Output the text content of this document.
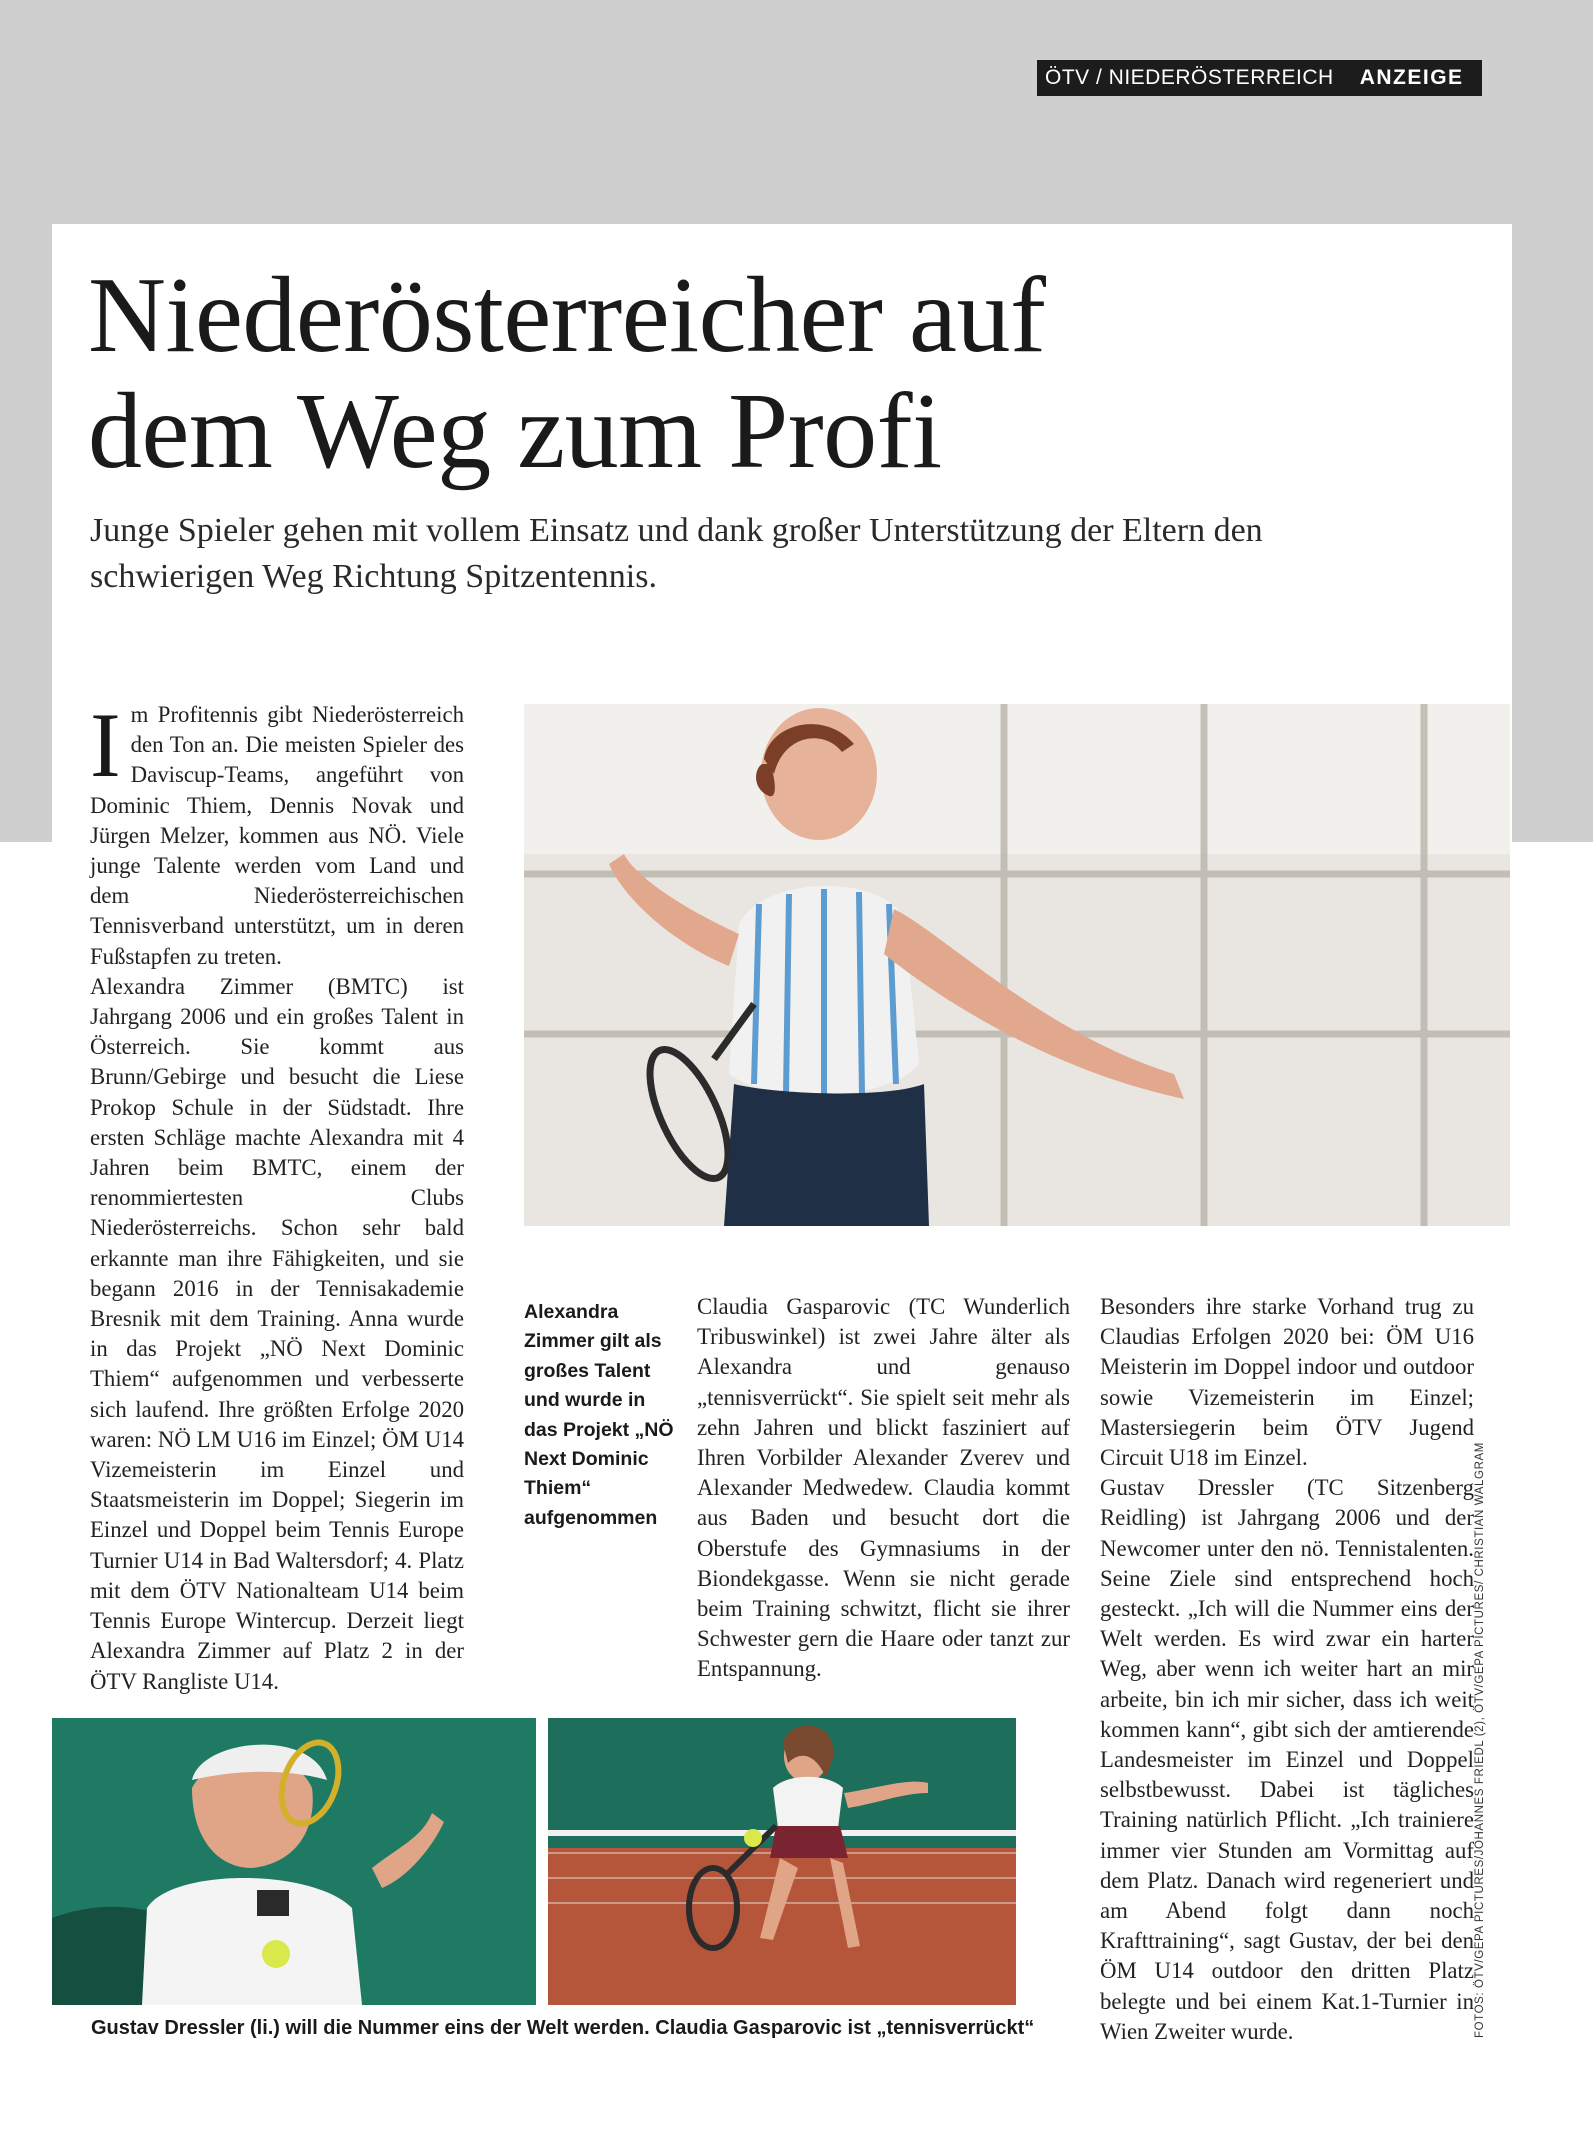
ÖTV / NIEDERÖSTERREICH ANZEIGE
Niederösterreicher auf
dem Weg zum Profi

Junge Spieler gehen mit vollem Einsatz und dank großer Unterstützung der Eltern den
schwierigen Weg Richtung Spitzentennis.

Im Profitennis gibt Niederösterreich den Ton an. Die meisten Spieler des Daviscup-Teams, angeführt von Dominic Thiem, Dennis Novak und Jürgen Melzer, kommen aus NÖ. Viele junge Talente werden vom Land und dem Niederösterreichischen Tennisverband unterstützt, um in deren Fußstapfen zu treten.

Alexandra Zimmer (BMTC) ist Jahrgang 2006 und ein großes Talent in Österreich. Sie kommt aus Brunn/Gebirge und besucht die Liese Prokop Schule in der Südstadt. Ihre ersten Schläge machte Alexandra mit 4 Jahren beim BMTC, einem der renommiertesten Clubs Niederösterreichs. Schon sehr bald erkannte man ihre Fähigkeiten, und sie begann 2016 in der Tennisakademie Bresnik mit dem Training. Anna wurde in das Projekt „NÖ Next Dominic Thiem“ aufgenommen und verbesserte sich laufend. Ihre größten Erfolge 2020 waren: NÖ LM U16 im Einzel; ÖM U14 Vizemeisterin im Einzel und Staatsmeisterin im Doppel; Siegerin im Einzel und Doppel beim Tennis Europe Turnier U14 in Bad Waltersdorf; 4. Platz mit dem ÖTV Nationalteam U14 beim Tennis Europe Wintercup. Derzeit liegt Alexandra Zimmer auf Platz 2 in der ÖTV Rangliste U14.

Alexandra Zimmer gilt als großes Talent und wurde in das Projekt „NÖ Next Dominic Thiem“ aufgenommen

Claudia Gasparovic (TC Wunderlich Tribuswinkel) ist zwei Jahre älter als Alexandra und genauso „tennisverrückt“. Sie spielt seit mehr als zehn Jahren und blickt fasziniert auf Ihren Vorbilder Alexander Zverev und Alexander Medwedew. Claudia kommt aus Baden und besucht dort die Oberstufe des Gymnasiums in der Biondekgasse. Wenn sie nicht gerade beim Training schwitzt, flicht sie ihrer Schwester gern die Haare oder tanzt zur Entspannung.

Besonders ihre starke Vorhand trug zu Claudias Erfolgen 2020 bei: ÖM U16 Meisterin im Doppel indoor und outdoor sowie Vizemeisterin im Einzel; Mastersiegerin beim ÖTV Jugend Circuit U18 im Einzel.

Gustav Dressler (TC Sitzenberg Reidling) ist Jahrgang 2006 und der Newcomer unter den nö. Tennistalenten. Seine Ziele sind entsprechend hoch gesteckt. „Ich will die Nummer eins der Welt werden. Es wird zwar ein harter Weg, aber wenn ich weiter hart an mir arbeite, bin ich mir sicher, dass ich weit kommen kann“, gibt sich der amtierende Landesmeister im Einzel und Doppel selbstbewusst. Dabei ist tägliches Training natürlich Pflicht. „Ich trainiere immer vier Stunden am Vormittag auf dem Platz. Danach wird regeneriert und am Abend folgt dann noch Krafttraining“, sagt Gustav, der bei den ÖM U14 outdoor den dritten Platz belegte und bei einem Kat.1-Turnier in Wien Zweiter wurde.

Gustav Dressler (li.) will die Nummer eins der Welt werden. Claudia Gasparovic ist „tennisverrückt“	FOTOS: ÖTV/GEPA PICTURES/JOHANNES FRIEDL (2), ÖTV/GEPA PICTURES/ CHRISTIAN WALGRAM
